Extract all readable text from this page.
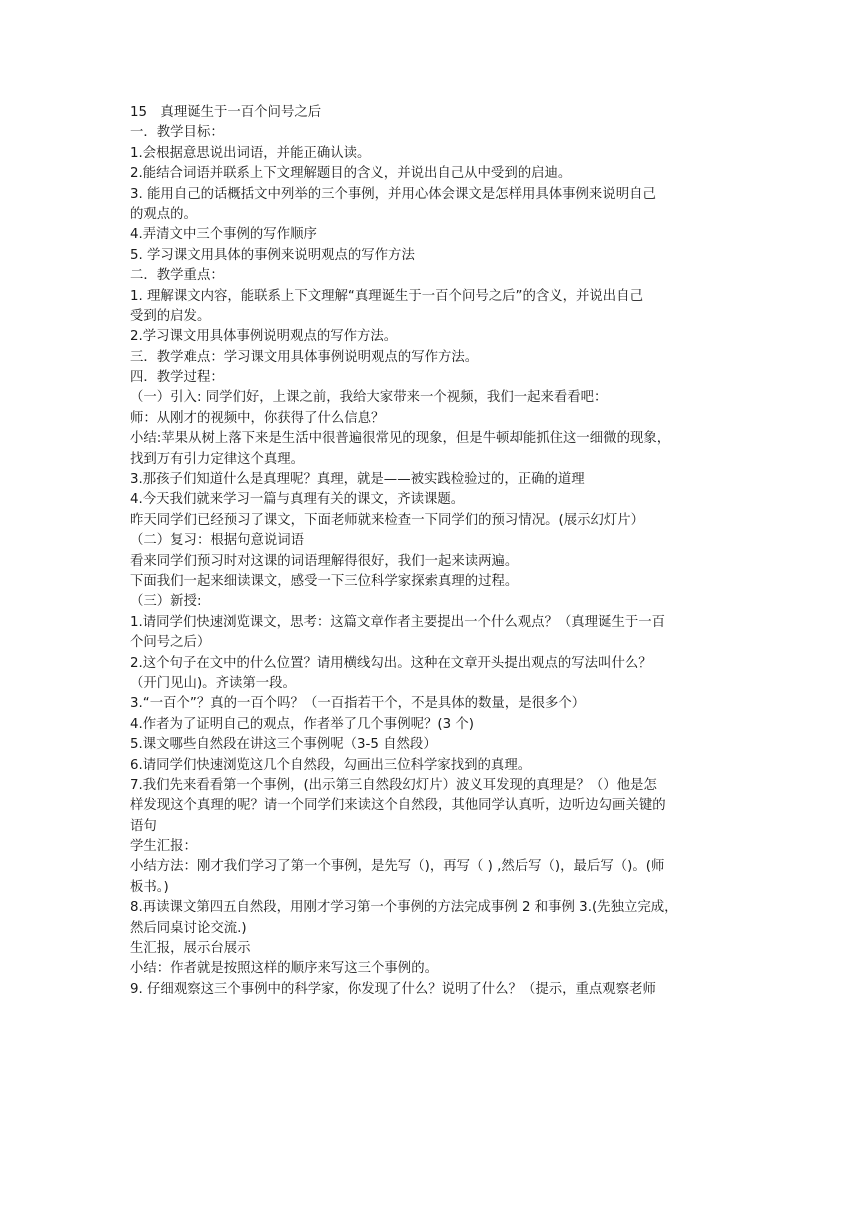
15　真理诞生于一百个问号之后
一．教学目标：
1.会根据意思说出词语，并能正确认读。
2.能结合词语并联系上下文理解题目的含义，并说出自己从中受到的启迪。
3. 能用自己的话概括文中列举的三个事例，并用心体会课文是怎样用具体事例来说明自己
的观点的。
4.弄清文中三个事例的写作顺序
5. 学习课文用具体的事例来说明观点的写作方法
二．教学重点：
1. 理解课文内容，能联系上下文理解“真理诞生于一百个问号之后”的含义，并说出自己
受到的启发。
2.学习课文用具体事例说明观点的写作方法。
三．教学难点：学习课文用具体事例说明观点的写作方法。
四．教学过程：
（一）引入: 同学们好，上课之前，我给大家带来一个视频，我们一起来看看吧：
师：从刚才的视频中，你获得了什么信息？
小结:苹果从树上落下来是生活中很普遍很常见的现象，但是牛顿却能抓住这一细微的现象，
找到万有引力定律这个真理。
3.那孩子们知道什么是真理呢？真理，就是——被实践检验过的，正确的道理
4.今天我们就来学习一篇与真理有关的课文，齐读课题。
昨天同学们已经预习了课文，下面老师就来检查一下同学们的预习情况。(展示幻灯片）
（二）复习：根据句意说词语
看来同学们预习时对这课的词语理解得很好，我们一起来读两遍。
下面我们一起来细读课文，感受一下三位科学家探索真理的过程。
（三）新授:
1.请同学们快速浏览课文，思考：这篇文章作者主要提出一个什么观点？（真理诞生于一百
个问号之后）
2.这个句子在文中的什么位置？请用横线勾出。这种在文章开头提出观点的写法叫什么？
（开门见山)。齐读第一段。
3.“一百个”？真的一百个吗？（一百指若干个，不是具体的数量，是很多个）
4.作者为了证明自己的观点，作者举了几个事例呢？(3 个)
5.课文哪些自然段在讲这三个事例呢（3-5 自然段）
6.请同学们快速浏览这几个自然段，勾画出三位科学家找到的真理。
7.我们先来看看第一个事例，(出示第三自然段幻灯片）波义耳发现的真理是？（）他是怎
样发现这个真理的呢？请一个同学们来读这个自然段，其他同学认真听，边听边勾画关键的
语句
学生汇报：
小结方法：刚才我们学习了第一个事例，是先写（)，再写（ ) ,然后写（)，最后写（)。(师
板书。)
8.再读课文第四五自然段，用刚才学习第一个事例的方法完成事例 2 和事例 3.(先独立完成，
然后同桌讨论交流.)
生汇报，展示台展示
小结：作者就是按照这样的顺序来写这三个事例的。
9. 仔细观察这三个事例中的科学家，你发现了什么？说明了什么？（提示，重点观察老师
